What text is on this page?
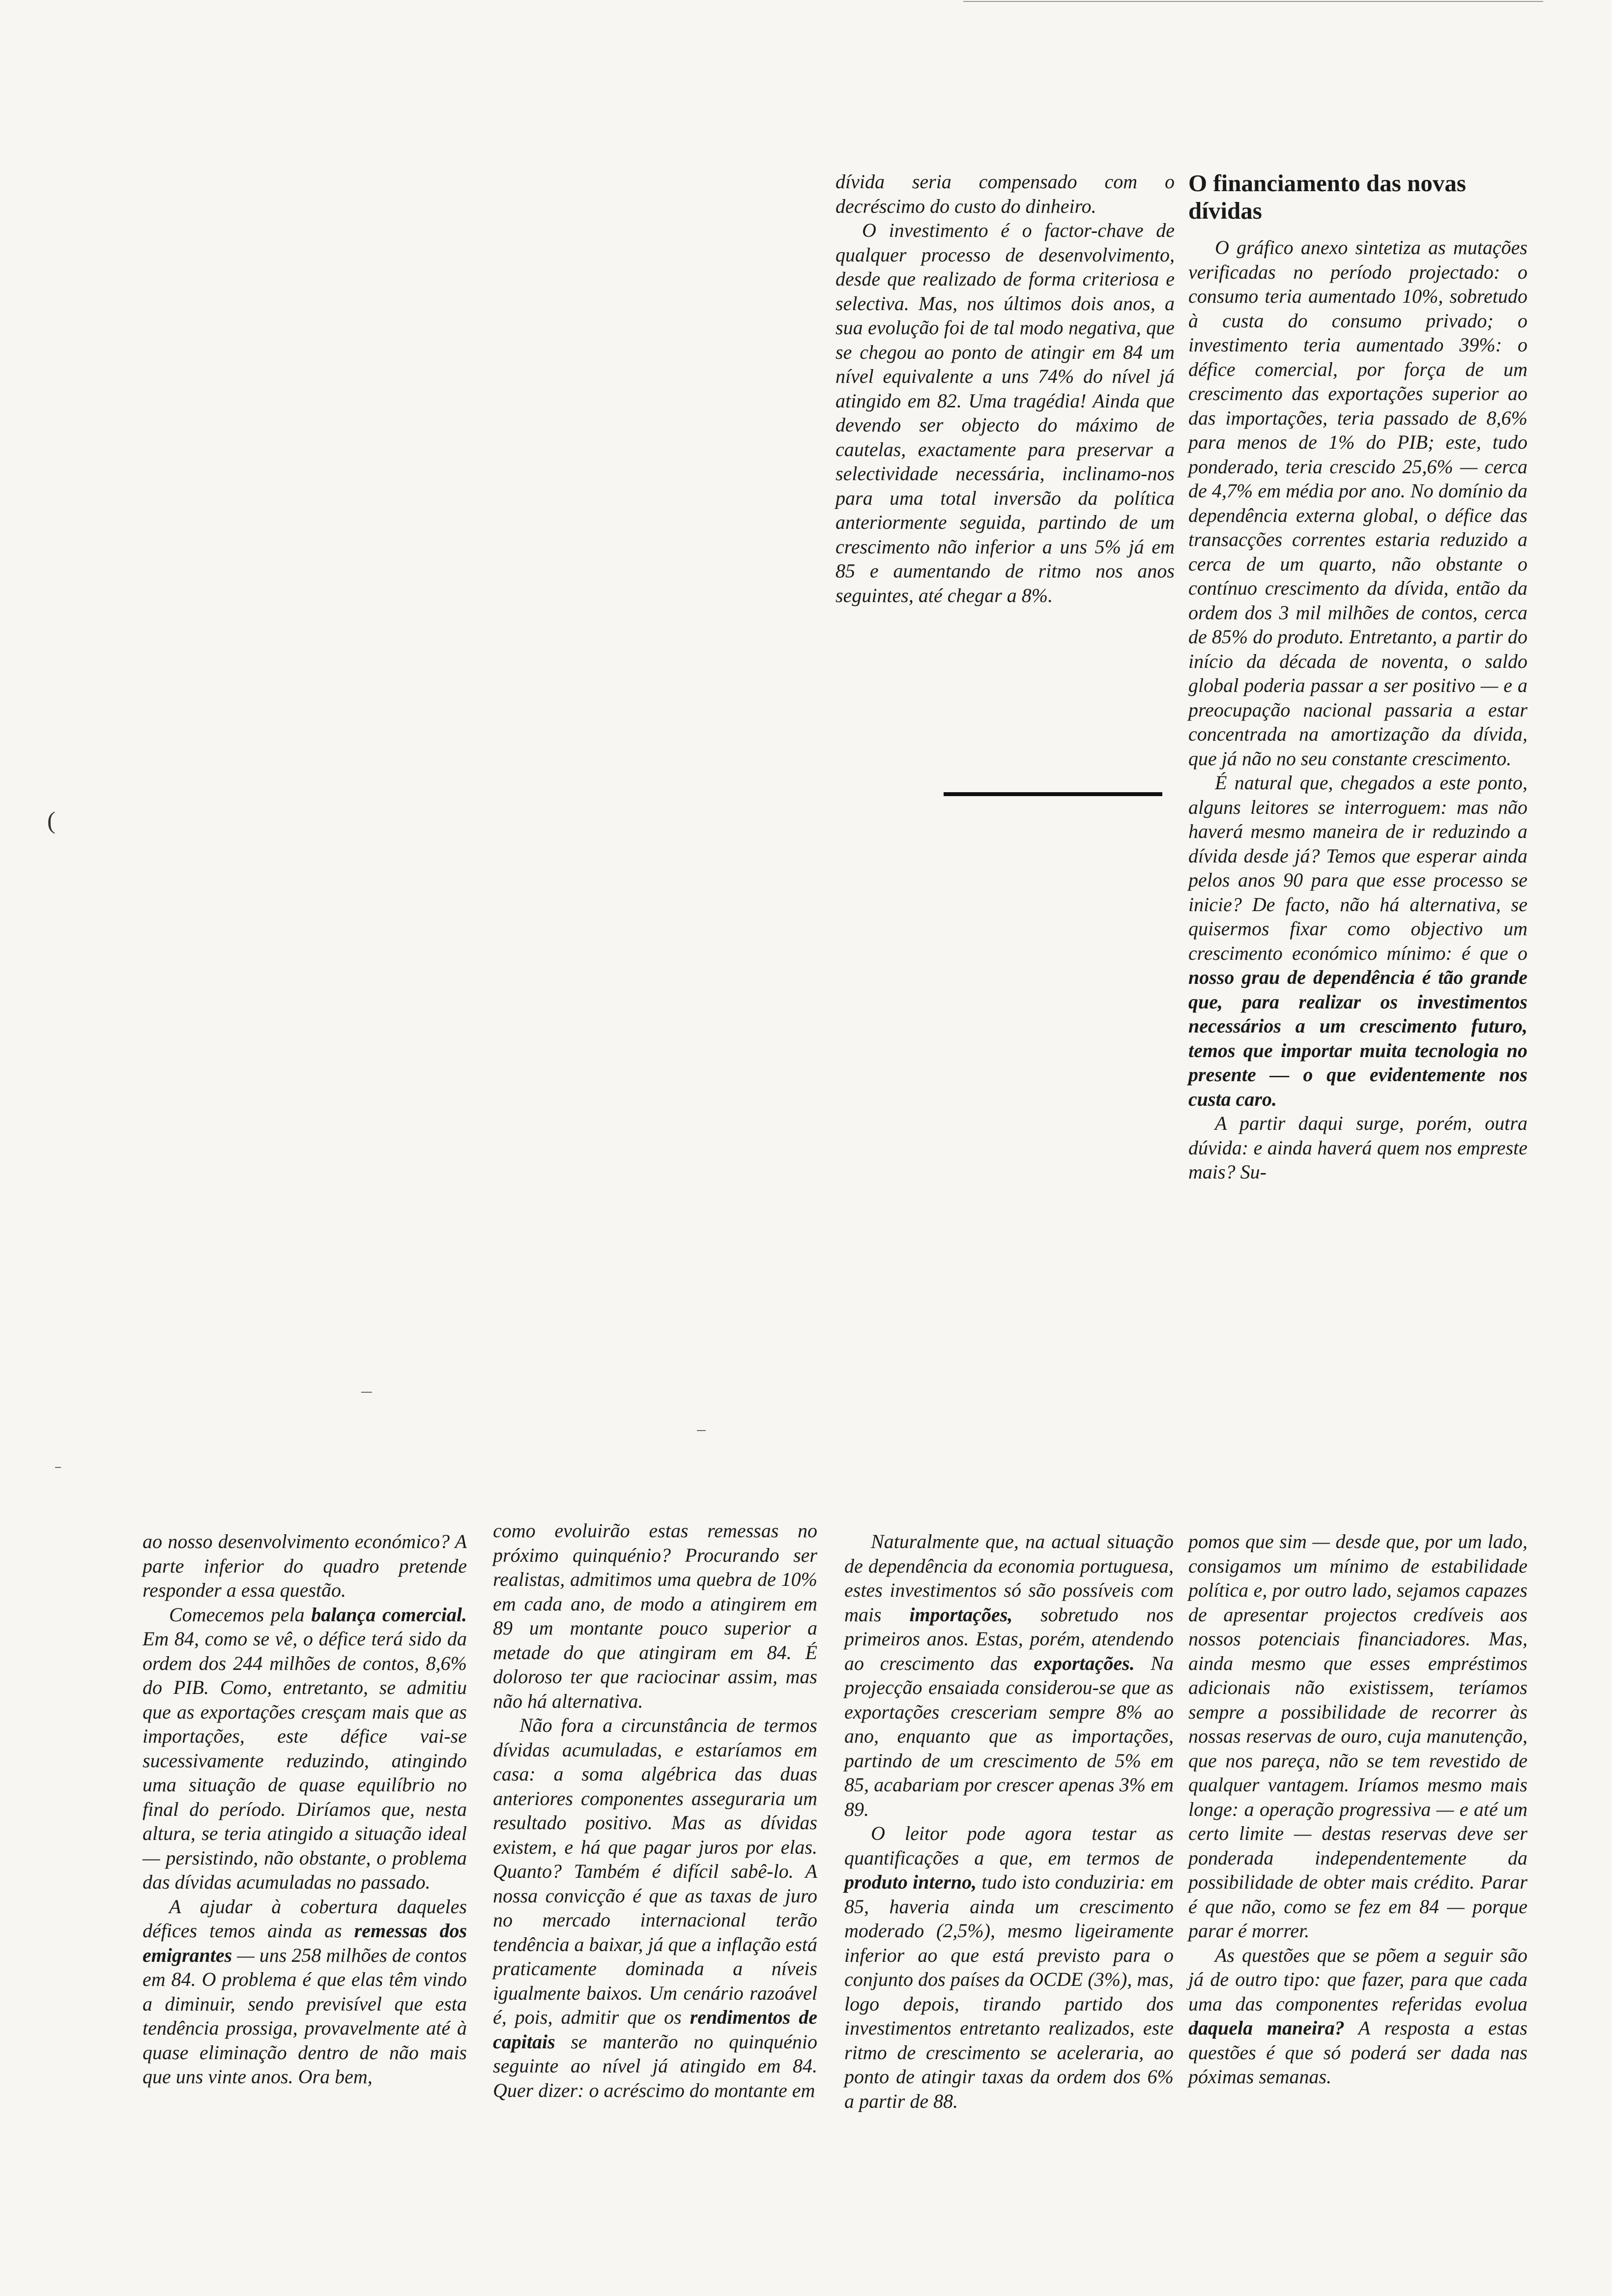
(

dívida seria compensado com o decréscimo do custo do dinheiro.

O investimento é o factor-chave de qualquer processo de desenvolvimento, desde que realizado de forma criteriosa e selectiva. Mas, nos últimos dois anos, a sua evolução foi de tal modo negativa, que se chegou ao ponto de atingir em 84 um nível equivalente a uns 74% do nível já atingido em 82. Uma tragédia! Ainda que devendo ser objecto do máximo de cautelas, exactamente para preservar a selectividade necessária, inclinamo-nos para uma total inversão da política anteriormente seguida, partindo de um crescimento não inferior a uns 5% já em 85 e aumentando de ritmo nos anos seguintes, até chegar a 8%.

O financiamento das novas dívidas

O gráfico anexo sintetiza as mutações verificadas no período projectado: o consumo teria aumentado 10%, sobretudo à custa do consumo privado; o investimento teria aumentado 39%: o défice comercial, por força de um crescimento das exportações superior ao das importações, teria passado de 8,6% para menos de 1% do PIB; este, tudo ponderado, teria crescido 25,6% — cerca de 4,7% em média por ano. No domínio da dependência externa global, o défice das transacções correntes estaria reduzido a cerca de um quarto, não obstante o contínuo crescimento da dívida, então da ordem dos 3 mil milhões de contos, cerca de 85% do produto. Entretanto, a partir do início da década de noventa, o saldo global poderia passar a ser positivo — e a preocupação nacional passaria a estar concentrada na amortização da dívida, que já não no seu constante crescimento.

É natural que, chegados a este ponto, alguns leitores se interroguem: mas não haverá mesmo maneira de ir reduzindo a dívida desde já? Temos que esperar ainda pelos anos 90 para que esse processo se inicie? De facto, não há alternativa, se quisermos fixar como objectivo um crescimento económico mínimo: é que o nosso grau de dependência é tão grande que, para realizar os investimentos necessários a um crescimento futuro, temos que importar muita tecnologia no presente — o que evidentemente nos custa caro.

A partir daqui surge, porém, outra dúvida: e ainda haverá quem nos empreste mais? Su-

ao nosso desenvolvimento económico? A parte inferior do quadro pretende responder a essa questão.

Comecemos pela balança comercial. Em 84, como se vê, o défice terá sido da ordem dos 244 milhões de contos, 8,6% do PIB. Como, entretanto, se admitiu que as exportações cresçam mais que as importações, este défice vai-se sucessivamente reduzindo, atingindo uma situação de quase equilíbrio no final do período. Diríamos que, nesta altura, se teria atingido a situação ideal — persistindo, não obstante, o problema das dívidas acumuladas no passado.

A ajudar à cobertura daqueles défices temos ainda as remessas dos emigrantes — uns 258 milhões de contos em 84. O problema é que elas têm vindo a diminuir, sendo previsível que esta tendência prossiga, provavelmente até à quase eliminação dentro de não mais que uns vinte anos. Ora bem,

como evoluirão estas remessas no próximo quinquénio? Procurando ser realistas, admitimos uma quebra de 10% em cada ano, de modo a atingirem em 89 um montante pouco superior a metade do que atingiram em 84. É doloroso ter que raciocinar assim, mas não há alternativa.

Não fora a circunstância de termos dívidas acumuladas, e estaríamos em casa: a soma algébrica das duas anteriores componentes asseguraria um resultado positivo. Mas as dívidas existem, e há que pagar juros por elas. Quanto? Também é difícil sabê-lo. A nossa convicção é que as taxas de juro no mercado internacional terão tendência a baixar, já que a inflação está praticamente dominada a níveis igualmente baixos. Um cenário razoável é, pois, admitir que os rendimentos de capitais se manterão no quinquénio seguinte ao nível já atingido em 84. Quer dizer: o acréscimo do montante em

Naturalmente que, na actual situação de dependência da economia portuguesa, estes investimentos só são possíveis com mais importações, sobretudo nos primeiros anos. Estas, porém, atendendo ao crescimento das exportações. Na projecção ensaiada considerou-se que as exportações cresceriam sempre 8% ao ano, enquanto que as importações, partindo de um crescimento de 5% em 85, acabariam por crescer apenas 3% em 89.

O leitor pode agora testar as quantificações a que, em termos de produto interno, tudo isto conduziria: em 85, haveria ainda um crescimento moderado (2,5%), mesmo ligeiramente inferior ao que está previsto para o conjunto dos países da OCDE (3%), mas, logo depois, tirando partido dos investimentos entretanto realizados, este ritmo de crescimento se aceleraria, ao ponto de atingir taxas da ordem dos 6% a partir de 88.

pomos que sim — desde que, por um lado, consigamos um mínimo de estabilidade política e, por outro lado, sejamos capazes de apresentar projectos credíveis aos nossos potenciais financiadores. Mas, ainda mesmo que esses empréstimos adicionais não existissem, teríamos sempre a possibilidade de recorrer às nossas reservas de ouro, cuja manutenção, que nos pareça, não se tem revestido de qualquer vantagem. Iríamos mesmo mais longe: a operação progressiva — e até um certo limite — destas reservas deve ser ponderada independentemente da possibilidade de obter mais crédito. Parar é que não, como se fez em 84 — porque parar é morrer.

As questões que se põem a seguir são já de outro tipo: que fazer, para que cada uma das componentes referidas evolua daquela maneira? A resposta a estas questões é que só poderá ser dada nas póximas semanas.
